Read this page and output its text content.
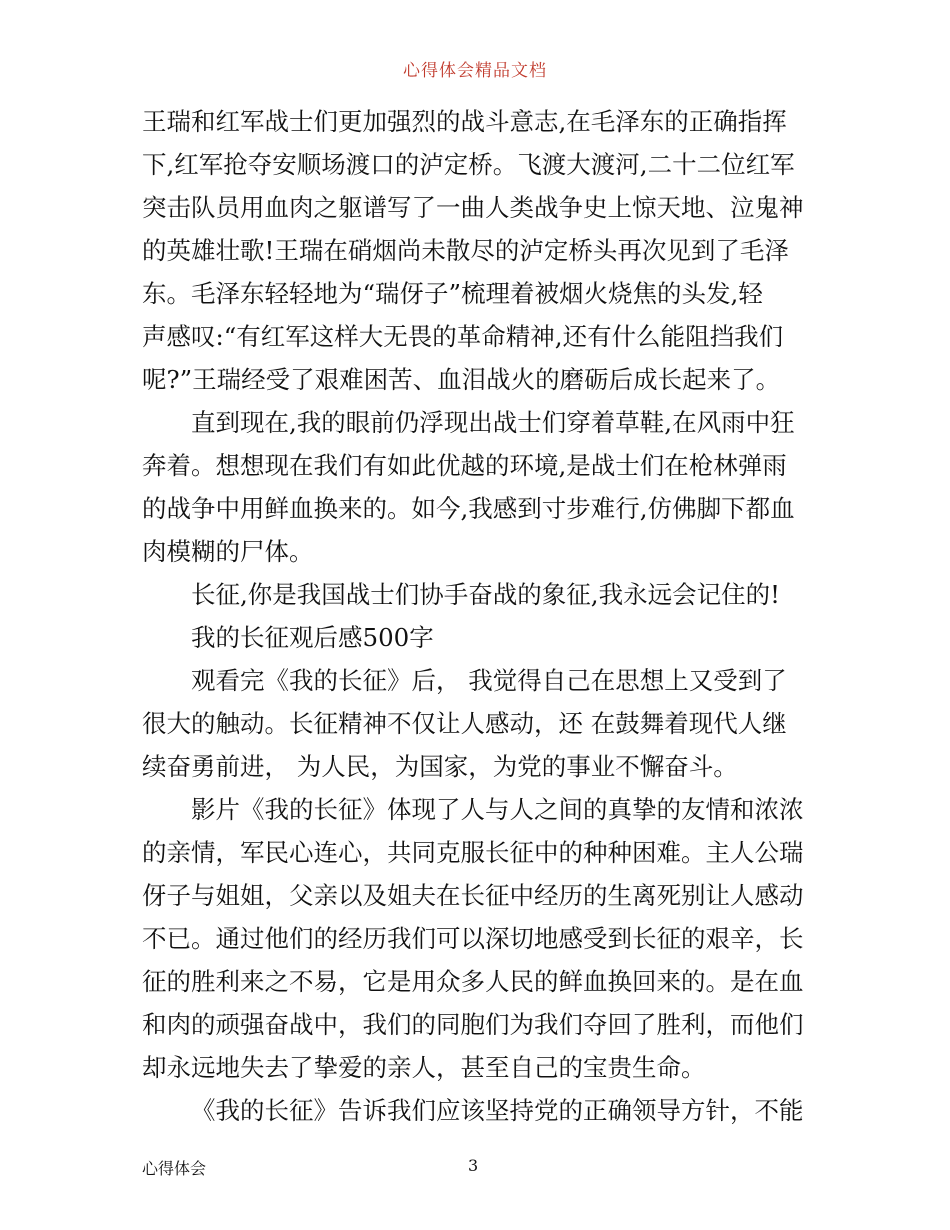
心得体会精品文档
王瑞和红军战士们更加强烈的战斗意志,在毛泽东的正确指挥
下,红军抢夺安顺场渡口的泸定桥。飞渡大渡河,二十二位红军
突击队员用血肉之躯谱写了一曲人类战争史上惊天地、泣鬼神
的英雄壮歌!王瑞在硝烟尚未散尽的泸定桥头再次见到了毛泽
东。毛泽东轻轻地为“瑞伢子”梳理着被烟火烧焦的头发,轻
声感叹:“有红军这样大无畏的革命精神,还有什么能阻挡我们
呢?”王瑞经受了艰难困苦、血泪战火的磨砺后成长起来了。
直到现在,我的眼前仍浮现出战士们穿着草鞋,在风雨中狂
奔着。想想现在我们有如此优越的环境,是战士们在枪林弹雨
的战争中用鲜血换来的。如今,我感到寸步难行,仿佛脚下都血
肉模糊的尸体。
长征,你是我国战士们协手奋战的象征,我永远会记住的!
我的长征观后感500字
观看完《我的长征》后， 我觉得自己在思想上又受到了
很大的触动。长征精神不仅让人感动，还 在鼓舞着现代人继
续奋勇前进， 为人民，为国家，为党的事业不懈奋斗。
影片《我的长征》体现了人与人之间的真挚的友情和浓浓
的亲情，军民心连心，共同克服长征中的种种困难。主人公瑞
伢子与姐姐，父亲以及姐夫在长征中经历的生离死别让人感动
不已。通过他们的经历我们可以深切地感受到长征的艰辛，长
征的胜利来之不易，它是用众多人民的鲜血换回来的。是在血
和肉的顽强奋战中，我们的同胞们为我们夺回了胜利，而他们
却永远地失去了挚爱的亲人，甚至自己的宝贵生命。
《我的长征》告诉我们应该坚持党的正确领导方针，不能
心得体会	3
